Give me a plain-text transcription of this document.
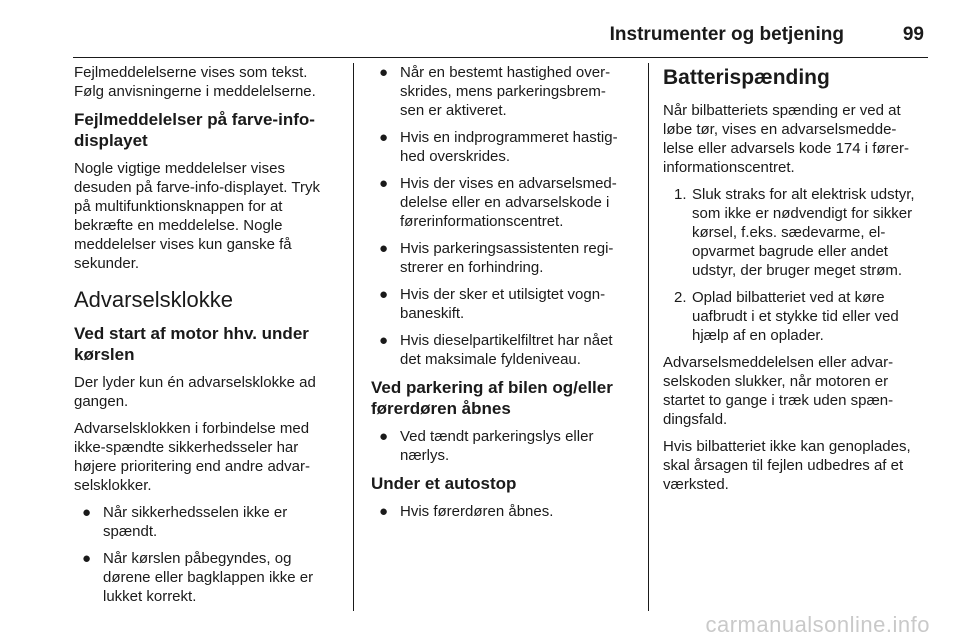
Instrumenter og betjening	99

Fejlmeddelelserne vises som tekst.
Følg anvisningerne i meddelelserne.

Fejlmeddelelser på farve-info-
displayet

Nogle vigtige meddelelser vises
desuden på farve-info-displayet. Tryk
på multifunktionsknappen for at
bekræfte en meddelelse. Nogle
meddelelser vises kun ganske få
sekunder.

Advarselsklokke
Ved start af motor hhv. under
kørslen

Der lyder kun én advarselsklokke ad
gangen.

Advarselsklokken i forbindelse med
ikke-spændte sikkerhedsseler har
højere prioritering end andre advar-
selsklokker.

● Når sikkerhedsselen ikke er
spændt.
● Når kørslen påbegyndes, og
dørene eller bagklappen ikke er
lukket korrekt.
● Når en bestemt hastighed over-
skrides, mens parkeringsbrem-
sen er aktiveret.
● Hvis en indprogrammeret hastig-
hed overskrides.
● Hvis der vises en advarselsmed-
delelse eller en advarselskode i
førerinformationscentret.
● Hvis parkeringsassistenten regi-
strerer en forhindring.
● Hvis der sker et utilsigtet vogn-
baneskift.
● Hvis dieselpartikelfiltret har nået
det maksimale fyldeniveau.
Ved parkering af bilen og/eller
førerdøren åbnes
● Ved tændt parkeringslys eller
nærlys.
Under et autostop
● Hvis førerdøren åbnes.
Batterispænding

Når bilbatteriets spænding er ved at
løbe tør, vises en advarselsmedde-
lelse eller advarsels kode 174 i fører-
informationscentret.

1. Sluk straks for alt elektrisk udstyr,
som ikke er nødvendigt for sikker
kørsel, f.eks. sædevarme, el-
opvarmet bagrude eller andet
udstyr, der bruger meget strøm.
2. Oplad bilbatteriet ved at køre
uafbrudt i et stykke tid eller ved
hjælp af en oplader.

Advarselsmeddelelsen eller advar-
selskoden slukker, når motoren er
startet to gange i træk uden spæn-
dingsfald.

Hvis bilbatteriet ikke kan genoplades,
skal årsagen til fejlen udbedres af et
værksted.

carmanualsonline.info
